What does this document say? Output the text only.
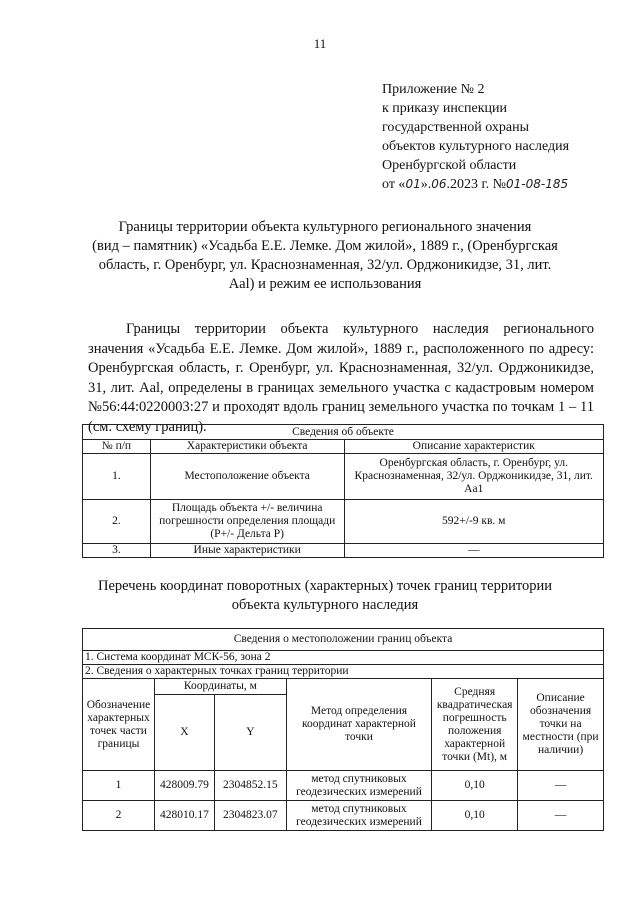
11
Приложение № 2
к приказу инспекции
государственной охраны
объектов культурного наследия
Оренбургской области
от «01».06.2023 г. №01-08-185
Границы территории объекта культурного регионального значения
(вид – памятник) «Усадьба Е.Е. Лемке. Дом жилой», 1889 г., (Оренбургская
область, г. Оренбург, ул. Краснознаменная, 32/ул. Орджоникидзе, 31, лит.
Aal) и режим ее использования
Границы территории объекта культурного наследия регионального значения «Усадьба Е.Е. Лемке. Дом жилой», 1889 г., расположенного по адресу: Оренбургская область, г. Оренбург, ул. Краснознаменная, 32/ул. Орджоникидзе, 31, лит. Aal, определены в границах земельного участка с кадастровым номером №56:44:0220003:27 и проходят вдоль границ земельного участка по точкам 1 – 11 (см. схему границ).	Сведения об объекте		
№ п/п	Характеристики объекта	Описание характеристик
1.	Местоположение объекта	Оренбургская область, г. Оренбург, ул. Краснознаменная, 32/ул. Орджоникидзе, 31, лит. Aa1
2.	Площадь объекта +/- величина погрешности определения площади (Р+/- Дельта Р)	592+/-9 кв. м
3.	Иные характеристики	—
Перечень координат поворотных (характерных) точек границ территории
объекта культурного наследия
Сведения о местоположении границ объекта					
1. Система координат МСК-56, зона 2					
2. Сведения о характерных точках границ территории					
Обозначение характерных точек части границы	Координаты, м		Метод определения координат характерной точки	Средняя квадратическая погрешность положения характерной точки (Mt), м	Описание обозначения точки на местности (при наличии)
	X	Y			
1	428009.79	2304852.15	метод спутниковых геодезических измерений	0,10	—
2	428010.17	2304823.07	метод спутниковых геодезических измерений	0,10	—
